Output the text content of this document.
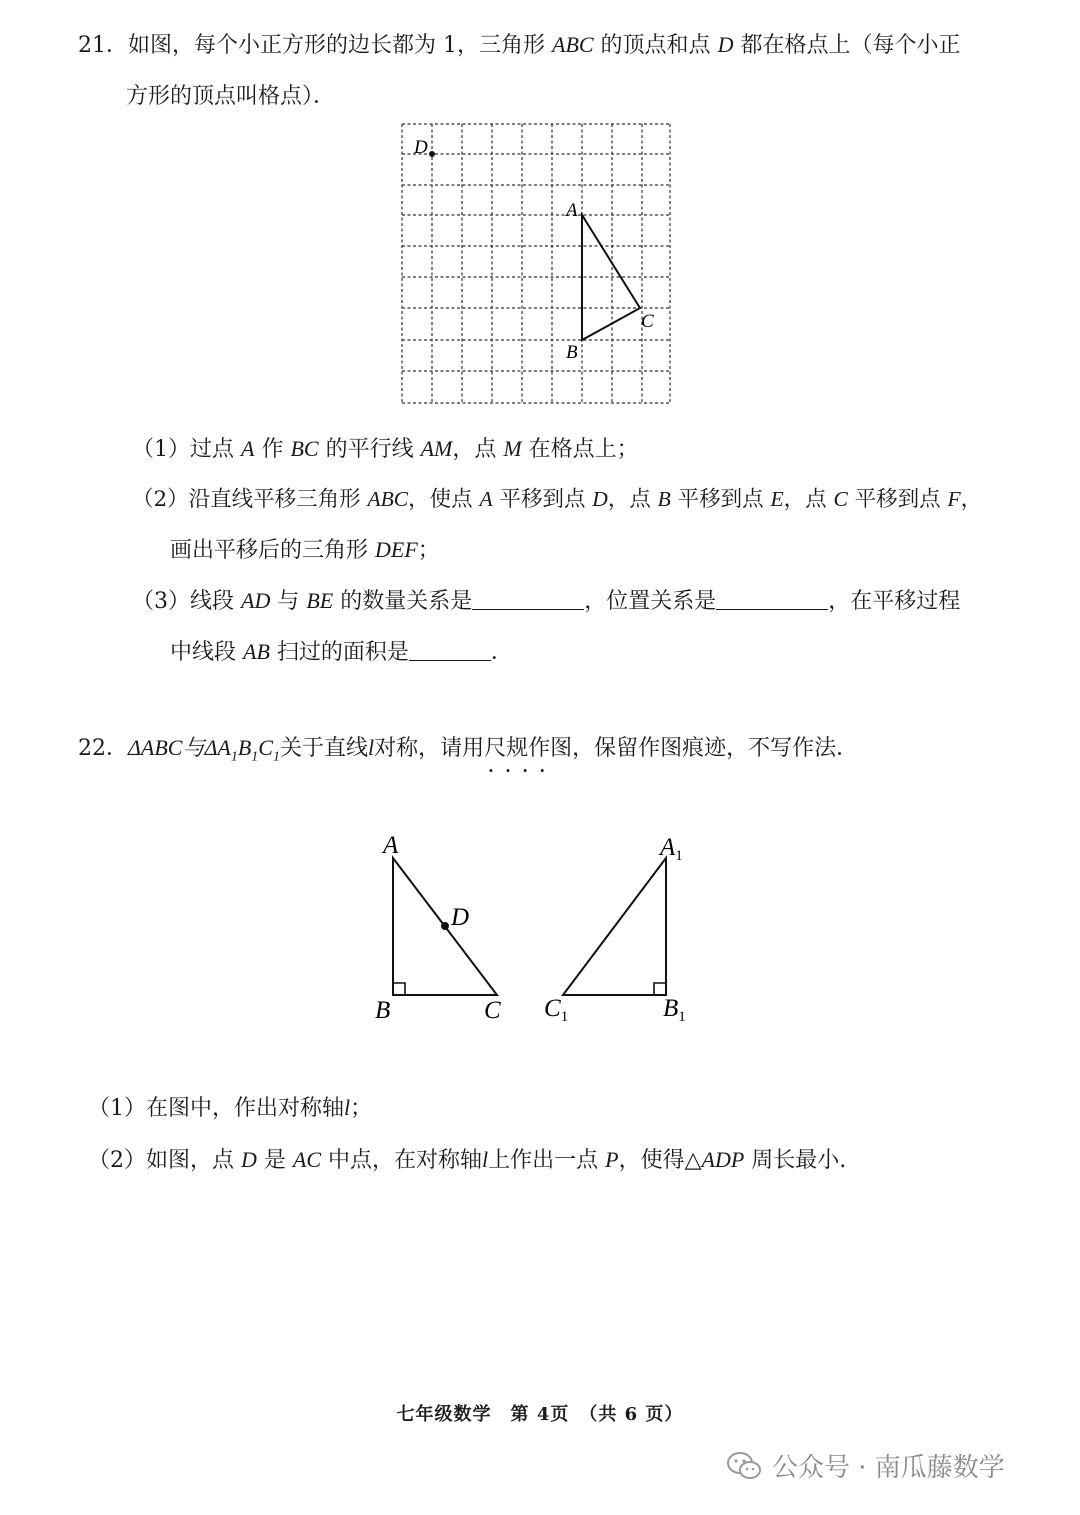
21．如图，每个小正方形的边长都为 1，三角形 ABC 的顶点和点 D 都在格点上（每个小正
方形的顶点叫格点）．
D
A
B
C
（1）过点 A 作 BC 的平行线 AM，点 M 在格点上；
（2）沿直线平移三角形 ABC，使点 A 平移到点 D，点 B 平移到点 E，点 C 平移到点 F，
画出平移后的三角形 DEF；
（3）线段 AD 与 BE 的数量关系是	，位置关系是	，在平移过程
中线段 AB 扫过的面积是	．
22．ΔABC与$\Delta A_1B_1C_1$关于直线l对称，请用尺规作图 · · · ·，保留作图痕迹，不写作法．
A
D
B	C
$A_1$
$C_1$	$B_1$
（1）在图中，作出对称轴l；
（2）如图，点 D 是 AC 中点，在对称轴l上作出一点 P，使得△ADP 周长最小.
七年级数学　第 4页　（共 6 页）
公众号 · 南瓜藤数学
